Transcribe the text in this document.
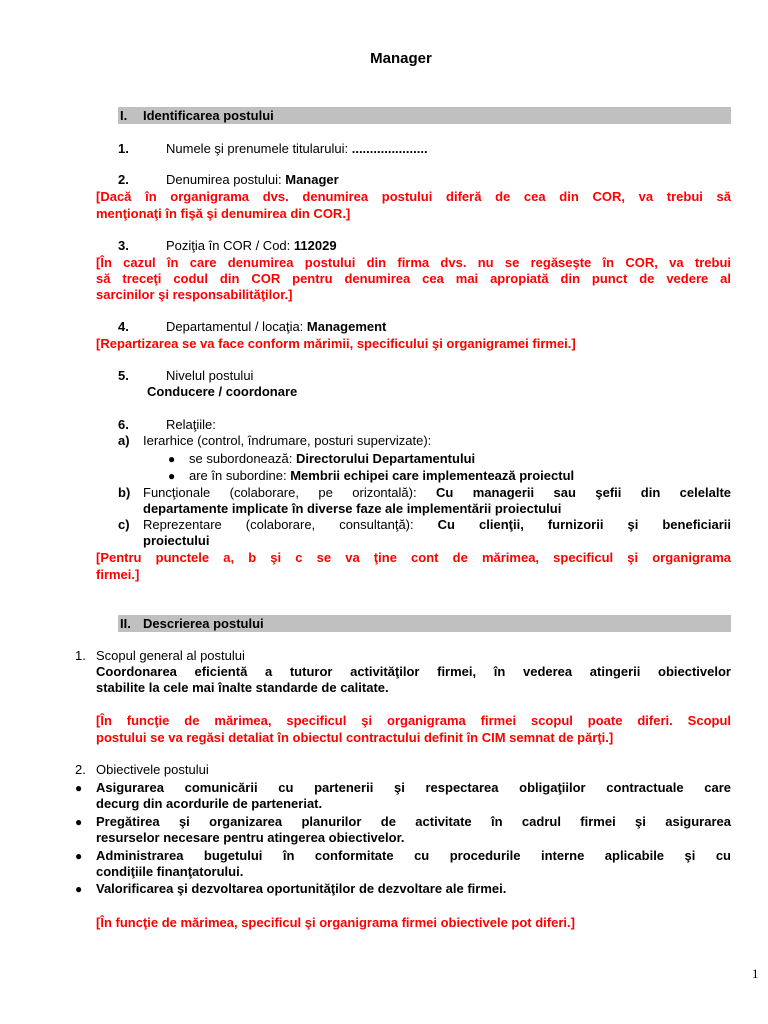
Manager
I. Identificarea postului
1.	Numele şi prenumele titularului: .....................
2.	Denumirea postului: Manager
[Dacă în organigrama dvs. denumirea postului diferă de cea din COR, va trebui să
menţionaţi în fişă şi denumirea din COR.]
3.	Poziţia în COR / Cod: 112029
[În cazul în care denumirea postului din firma dvs. nu se regăseşte în COR, va trebui
să treceţi codul din COR pentru denumirea cea mai apropiată din punct de vedere al
sarcinilor şi responsabilităţilor.]
4.	Departamentul / locaţia: Management
[Repartizarea se va face conform mărimii, specificului şi organigramei firmei.]
5.	Nivelul postului
Conducere / coordonare
6.	Relaţiile:
a) Ierarhice (control, îndrumare, posturi supervizate):
● se subordonează: Directorului Departamentului
● are în subordine: Membrii echipei care implementează proiectul
b) Funcţionale (colaborare, pe orizontală): Cu managerii sau şefii din celelalte
departamente implicate în diverse faze ale implementării proiectului
c) Reprezentare (colaborare, consultanţă): Cu clienţii, furnizorii şi beneficiarii
proiectului
[Pentru punctele a, b şi c se va ţine cont de mărimea, specificul şi organigrama
firmei.]
II. Descrierea postului
1. Scopul general al postului
Coordonarea eficientă a tuturor activităţilor firmei, în vederea atingerii obiectivelor
stabilite la cele mai înalte standarde de calitate.
[În funcţie de mărimea, specificul şi organigrama firmei scopul poate diferi. Scopul
postului se va regăsi detaliat în obiectul contractului definit în CIM semnat de părţi.]
2. Obiectivele postului
● Asigurarea comunicării cu partenerii şi respectarea obligaţiilor contractuale care
decurg din acordurile de parteneriat.
● Pregătirea şi organizarea planurilor de activitate în cadrul firmei şi asigurarea
resurselor necesare pentru atingerea obiectivelor.
● Administrarea bugetului în conformitate cu procedurile interne aplicabile şi cu
condiţiile finanţatorului.
● Valorificarea şi dezvoltarea oportunităţilor de dezvoltare ale firmei.
[În funcţie de mărimea, specificul şi organigrama firmei obiectivele pot diferi.]
1
